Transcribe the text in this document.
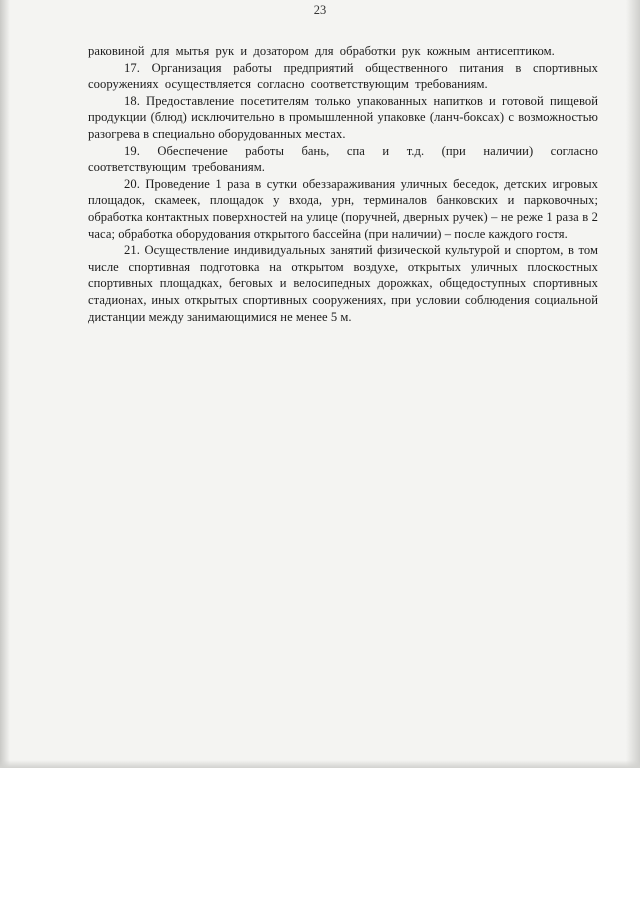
23

раковиной для мытья рук и дозатором для обработки рук кожным антисептиком.

17. Организация работы предприятий общественного питания в спортивных сооружениях осуществляется согласно соответствующим требованиям.

18. Предоставление посетителям только упакованных напитков и готовой пищевой продукции (блюд) исключительно в промышленной упаковке (ланч-боксах) с возможностью разогрева в специально оборудованных местах.

19. Обеспечение работы бань, спа и т.д. (при наличии) согласно соответствующим требованиям.

20. Проведение 1 раза в сутки обеззараживания уличных беседок, детских игровых площадок, скамеек, площадок у входа, урн, терминалов банковских и парковочных; обработка контактных поверхностей на улице (поручней, дверных ручек) – не реже 1 раза в 2 часа; обработка оборудования открытого бассейна (при наличии) – после каждого гостя.

21. Осуществление индивидуальных занятий физической культурой и спортом, в том числе спортивная подготовка на открытом воздухе, открытых уличных плоскостных спортивных площадках, беговых и велосипедных дорожках, общедоступных спортивных стадионах, иных открытых спортивных сооружениях, при условии соблюдения социальной дистанции между занимающимися не менее 5 м.
